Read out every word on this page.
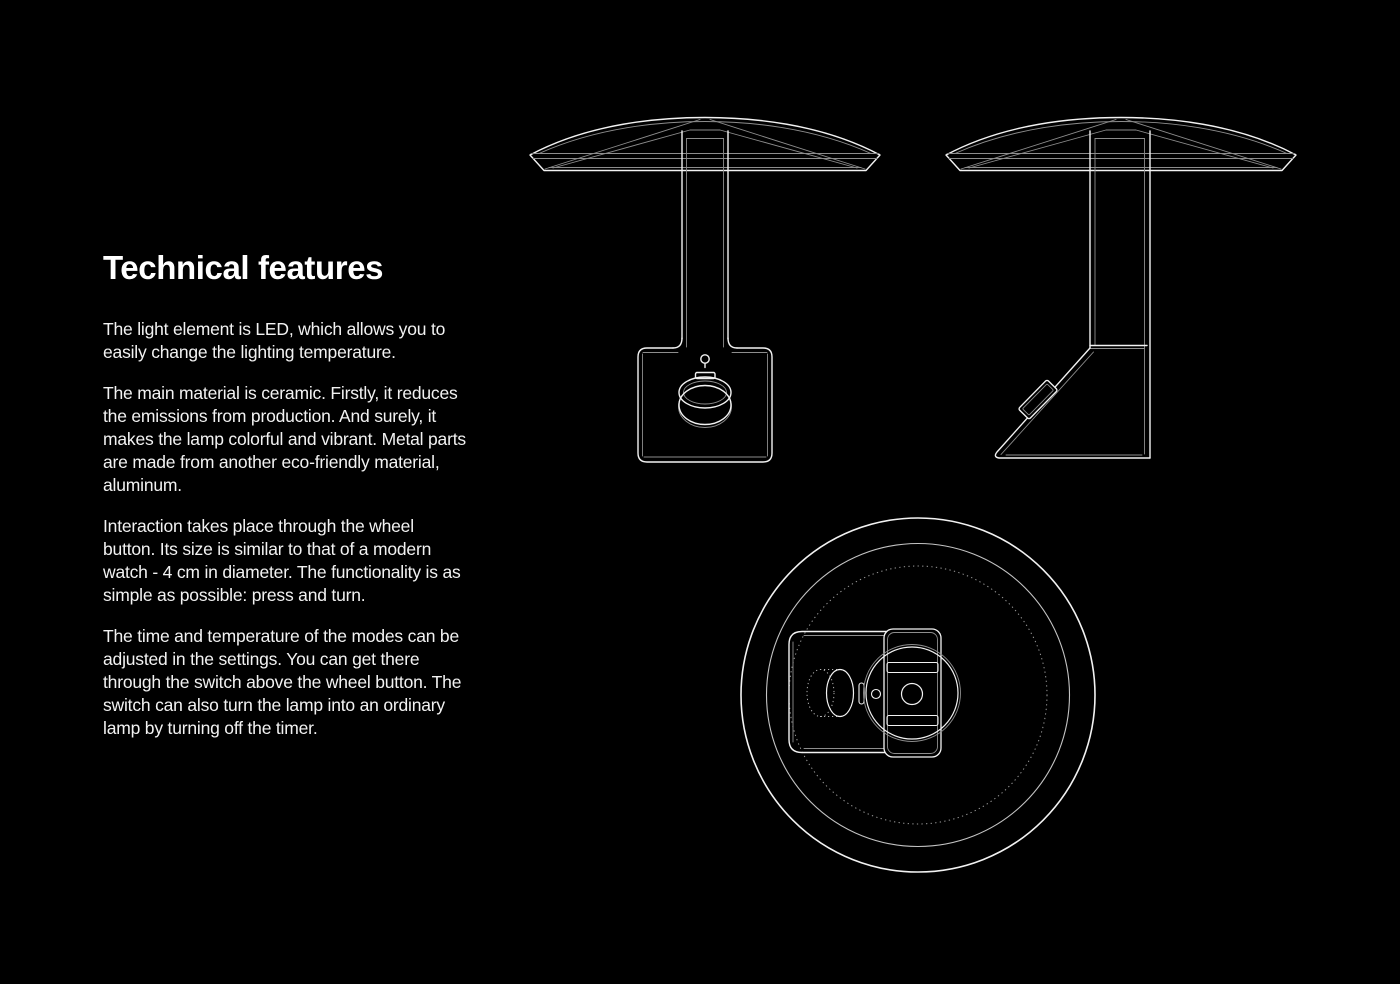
Technical features
The light element is LED, which allows you to
easily change the lighting temperature.
The main material is ceramic. Firstly, it reduces
the emissions from production. And surely, it
makes the lamp colorful and vibrant. Metal parts
are made from another eco-friendly material,
aluminum.
Interaction takes place through the wheel
button. Its size is similar to that of a modern
watch - 4 cm in diameter. The functionality is as
simple as possible: press and turn.
The time and temperature of the modes can be
adjusted in the settings. You can get there
through the switch above the wheel button. The
switch can also turn the lamp into an ordinary
lamp by turning off the timer.
